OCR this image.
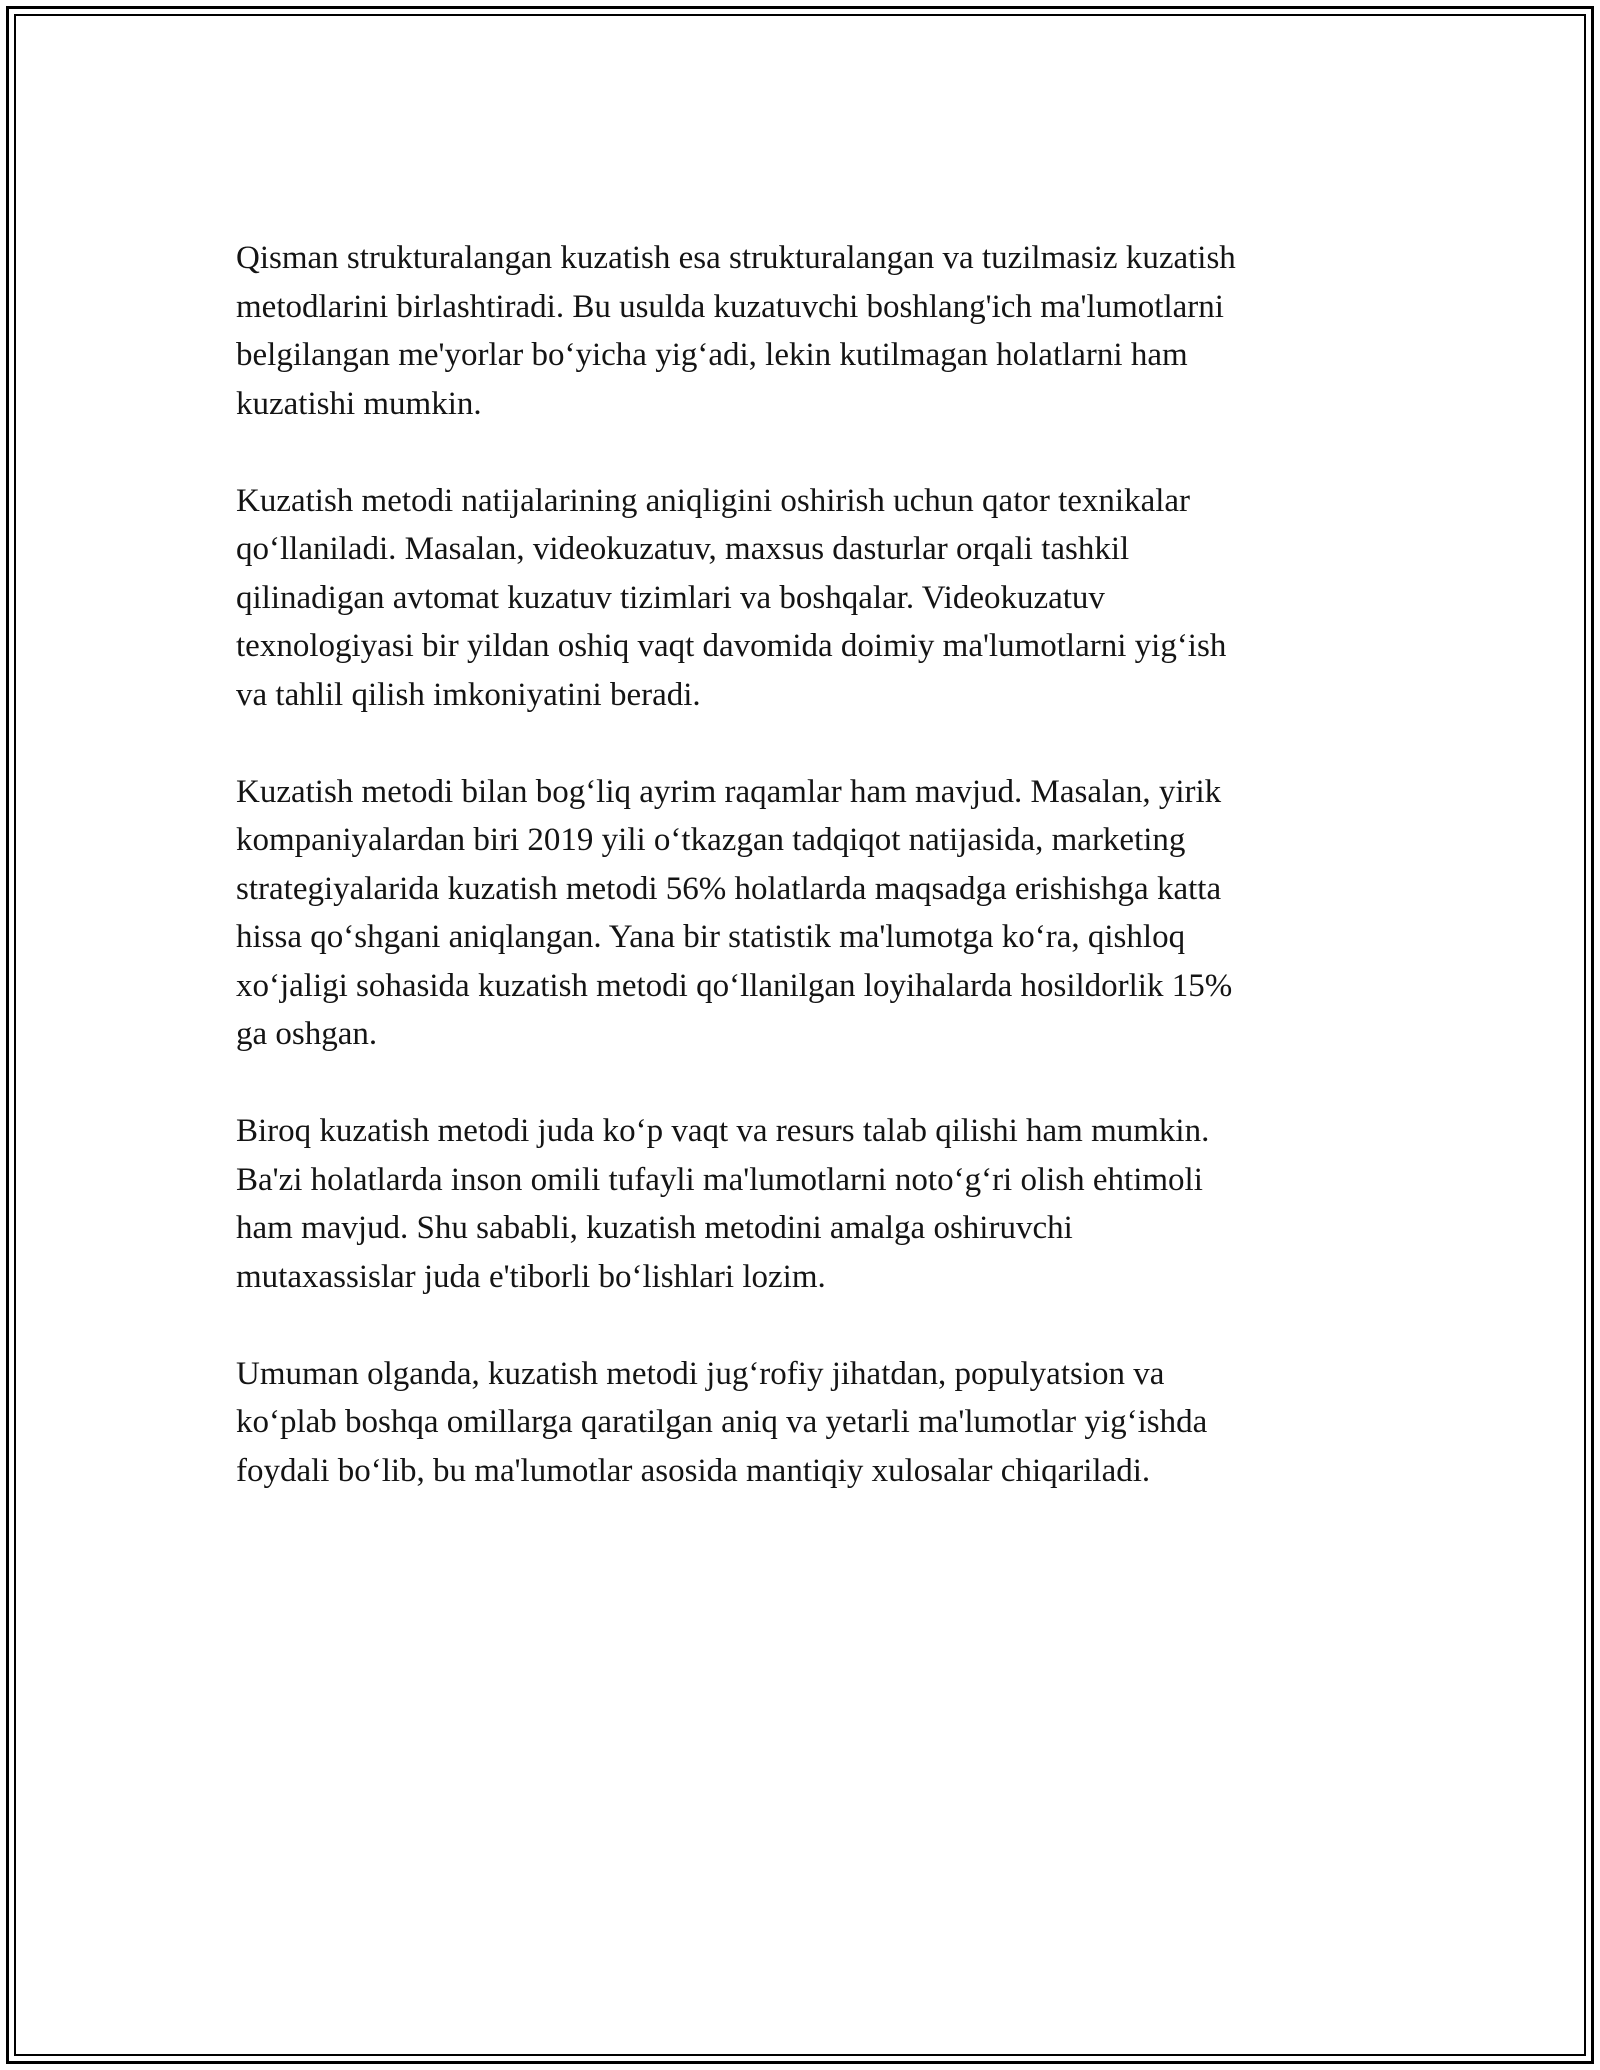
Qisman strukturalangan kuzatish esa strukturalangan va tuzilmasiz kuzatish
metodlarini birlashtiradi. Bu usulda kuzatuvchi boshlang'ich ma'lumotlarni
belgilangan me'yorlar bo‘yicha yig‘adi, lekin kutilmagan holatlarni ham
kuzatishi mumkin.

Kuzatish metodi natijalarining aniqligini oshirish uchun qator texnikalar
qo‘llaniladi. Masalan, videokuzatuv, maxsus dasturlar orqali tashkil
qilinadigan avtomat kuzatuv tizimlari va boshqalar. Videokuzatuv
texnologiyasi bir yildan oshiq vaqt davomida doimiy ma'lumotlarni yig‘ish
va tahlil qilish imkoniyatini beradi.

Kuzatish metodi bilan bog‘liq ayrim raqamlar ham mavjud. Masalan, yirik
kompaniyalardan biri 2019 yili o‘tkazgan tadqiqot natijasida, marketing
strategiyalarida kuzatish metodi 56% holatlarda maqsadga erishishga katta
hissa qo‘shgani aniqlangan. Yana bir statistik ma'lumotga ko‘ra, qishloq
xo‘jaligi sohasida kuzatish metodi qo‘llanilgan loyihalarda hosildorlik 15%
ga oshgan.

Biroq kuzatish metodi juda ko‘p vaqt va resurs talab qilishi ham mumkin.
Ba'zi holatlarda inson omili tufayli ma'lumotlarni noto‘g‘ri olish ehtimoli
ham mavjud. Shu sababli, kuzatish metodini amalga oshiruvchi
mutaxassislar juda e'tiborli bo‘lishlari lozim.

Umuman olganda, kuzatish metodi jug‘rofiy jihatdan, populyatsion va
ko‘plab boshqa omillarga qaratilgan aniq va yetarli ma'lumotlar yig‘ishda
foydali bo‘lib, bu ma'lumotlar asosida mantiqiy xulosalar chiqariladi.
